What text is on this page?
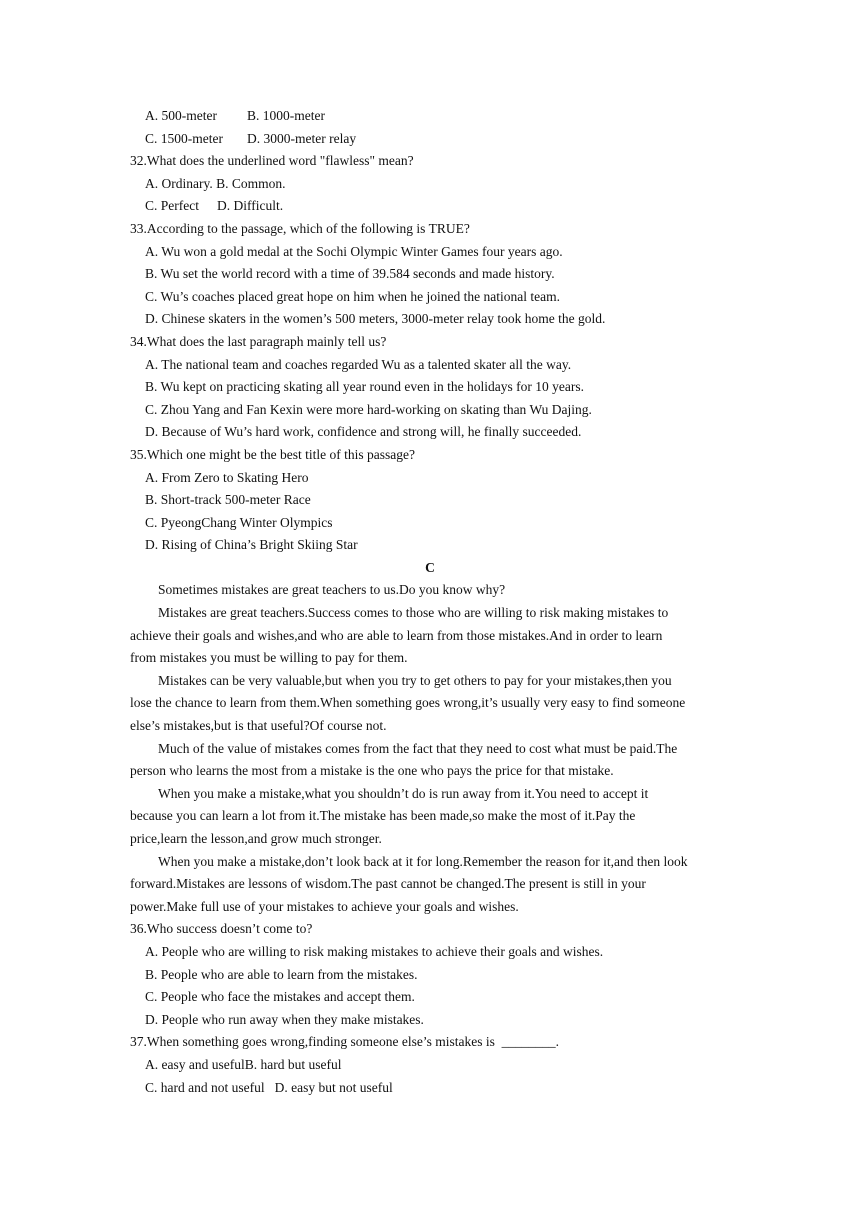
A. 500-meter B. 1000-meter
C. 1500-meter D. 3000-meter relay
32.What does the underlined word "flawless" mean?
A. Ordinary. B. Common.
C. Perfect D. Difficult.
33.According to the passage, which of the following is TRUE?
A. Wu won a gold medal at the Sochi Olympic Winter Games four years ago.
B. Wu set the world record with a time of 39.584 seconds and made history.
C. Wu’s coaches placed great hope on him when he joined the national team.
D. Chinese skaters in the women’s 500 meters, 3000-meter relay took home the gold.
34.What does the last paragraph mainly tell us?
A. The national team and coaches regarded Wu as a talented skater all the way.
B. Wu kept on practicing skating all year round even in the holidays for 10 years.
C. Zhou Yang and Fan Kexin were more hard-working on skating than Wu Dajing.
D. Because of Wu’s hard work, confidence and strong will, he finally succeeded.
35.Which one might be the best title of this passage?
A. From Zero to Skating Hero
B. Short-track 500-meter Race
C. PyeongChang Winter Olympics
D. Rising of China’s Bright Skiing Star
C
Sometimes mistakes are great teachers to us.Do you know why?
Mistakes are great teachers.Success comes to those who are willing to risk making mistakes to
achieve their goals and wishes,and who are able to learn from those mistakes.And in order to learn
from mistakes you must be willing to pay for them.
Mistakes can be very valuable,but when you try to get others to pay for your mistakes,then you
lose the chance to learn from them.When something goes wrong,it’s usually very easy to find someone
else’s mistakes,but is that useful?Of course not.
Much of the value of mistakes comes from the fact that they need to cost what must be paid.The
person who learns the most from a mistake is the one who pays the price for that mistake.
When you make a mistake,what you shouldn’t do is run away from it.You need to accept it
because you can learn a lot from it.The mistake has been made,so make the most of it.Pay the
price,learn the lesson,and grow much stronger.
When you make a mistake,don’t look back at it for long.Remember the reason for it,and then look
forward.Mistakes are lessons of wisdom.The past cannot be changed.The present is still in your
power.Make full use of your mistakes to achieve your goals and wishes.
36.Who success doesn’t come to?
A. People who are willing to risk making mistakes to achieve their goals and wishes.
B. People who are able to learn from the mistakes.
C. People who face the mistakes and accept them.
D. People who run away when they make mistakes.
37.When something goes wrong,finding someone else’s mistakes is  ________.
A. easy and usefulB. hard but useful
C. hard and not useful D. easy but not useful
